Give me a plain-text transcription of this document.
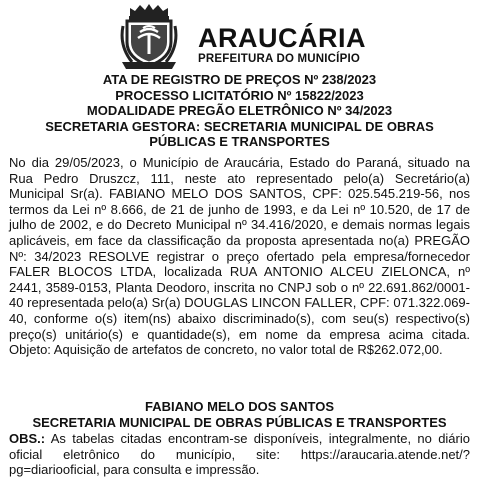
ARAUCÁRIA
PREFEITURA DO MUNICÍPIO
ATA DE REGISTRO DE PREÇOS Nº 238/2023
PROCESSO LICITATÓRIO Nº 15822/2023
MODALIDADE PREGÃO ELETRÔNICO Nº 34/2023
SECRETARIA GESTORA: SECRETARIA MUNICIPAL DE OBRAS
PÚBLICAS E TRANSPORTES
No dia 29/05/2023, o Município de Araucária, Estado do Paraná, situado na Rua Pedro Druszcz, 111, neste ato representado pelo(a) Secretário(a) Municipal Sr(a). FABIANO MELO DOS SANTOS, CPF: 025.545.219-56, nos termos da Lei nº 8.666, de 21 de junho de 1993, e da Lei nº 10.520, de 17 de julho de 2002, e do Decreto Municipal nº 34.416/2020, e demais normas legais aplicáveis, em face da classificação da proposta apresentada no(a) PREGÃO Nº: 34/2023 RESOLVE registrar o preço ofertado pela empresa/fornecedor FALER BLOCOS LTDA, localizada RUA ANTONIO ALCEU ZIELONCA, nº 2441, 3589-0153, Planta Deodoro, inscrita no CNPJ sob o nº 22.691.862/0001-40 representada pelo(a) Sr(a) DOUGLAS LINCON FALLER, CPF: 071.322.069-40, conforme o(s) item(ns) abaixo discriminado(s), com seu(s) respectivo(s) preço(s) unitário(s) e quantidade(s), em nome da empresa acima citada. Objeto: Aquisição de artefatos de concreto, no valor total de R$262.072,00.
FABIANO MELO DOS SANTOS
SECRETARIA MUNICIPAL DE OBRAS PÚBLICAS E TRANSPORTES
OBS.: As tabelas citadas encontram-se disponíveis, integralmente, no diário oficial eletrônico do município, site: https://araucaria.atende.net/?pg=diariooficial, para consulta e impressão.
